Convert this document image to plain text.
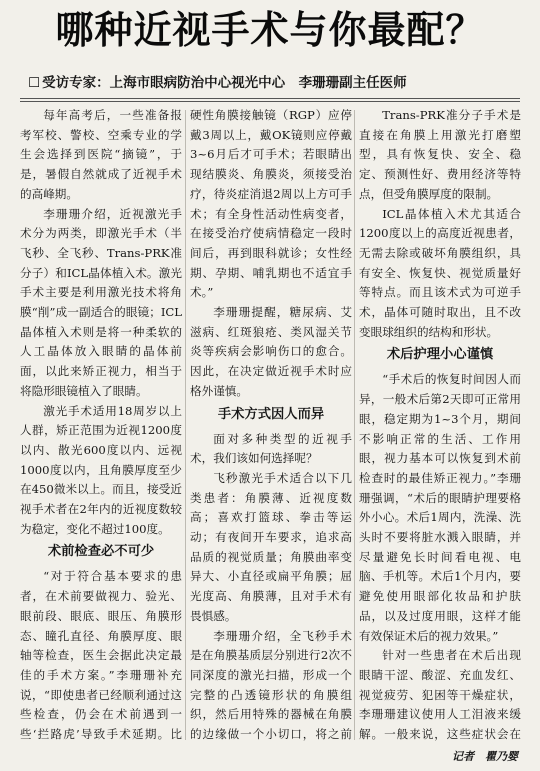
哪种近视手术与你最配？
☐ 受访专家：上海市眼病防治中心视光中心　李珊珊副主任医师

每年高考后，一些准备报考军校、警校、空乘专业的学生会选择到医院“摘镜”，于是，暑假自然就成了近视手术的高峰期。

李珊珊介绍，近视激光手术分为两类，即激光手术（半飞秒、全飞秒、Trans-PRK准分子）和ICL晶体植入术。激光手术主要是利用激光技术将角膜“削”成一副适合的眼镜；ICL晶体植入术则是将一种柔软的人工晶体放入眼睛的晶体前面，以此来矫正视力，相当于将隐形眼镜植入了眼睛。

激光手术适用18周岁以上人群，矫正范围为近视1200度以内、散光600度以内、远视1000度以内，且角膜厚度至少在450微米以上。而且，接受近视手术者在2年内的近视度数较为稳定，变化不超过100度。

术前检查必不可少

“对于符合基本要求的患者，在术前要做视力、验光、眼前段、眼底、眼压、角膜形态、瞳孔直径、角膜厚度、眼轴等检查，医生会据此决定最佳的手术方案。”李珊珊补充说，“即使患者已经顺利通过这些检查，仍会在术前遇到一些‘拦路虎’导致手术延期。比

硬性角膜接触镜（RGP）应停戴3周以上，戴OK镜则应停戴3~6月后才可手术；若眼睛出现结膜炎、角膜炎，须接受治疗，待炎症消退2周以上方可手术；有全身性活动性病变者，在接受治疗使病情稳定一段时间后，再到眼科就诊；女性经期、孕期、哺乳期也不适宜手术。”

李珊珊提醒，糖尿病、艾滋病、红斑狼疮、类风湿关节炎等疾病会影响伤口的愈合。因此，在决定做近视手术时应格外谨慎。

手术方式因人而异

面对多种类型的近视手术，我们该如何选择呢？

飞秒激光手术适合以下几类患者：角膜薄、近视度数高；喜欢打篮球、拳击等运动；有夜间开车要求，追求高品质的视觉质量；角膜曲率变异大、小直径或扁平角膜；屈光度高、角膜薄，且对手术有畏惧感。

李珊珊介绍，全飞秒手术是在角膜基质层分别进行2次不同深度的激光扫描，形成一个完整的凸透镜形状的角膜组织，然后用特殊的器械在角膜的边缘做一个小切口，将之前

Trans-PRK准分子手术是直接在角膜上用激光打磨塑型，具有恢复快、安全、稳定、预测性好、费用经济等特点，但受角膜厚度的限制。

ICL晶体植入术尤其适合1200度以上的高度近视患者，无需去除或破坏角膜组织，具有安全、恢复快、视觉质量好等特点。而且该术式为可逆手术，晶体可随时取出，且不改变眼球组织的结构和形状。

术后护理小心谨慎

“手术后的恢复时间因人而异，一般术后第2天即可正常用眼，稳定期为1~3个月，期间不影响正常的生活、工作用眼，视力基本可以恢复到术前检查时的最佳矫正视力。”李珊珊强调，“术后的眼睛护理要格外小心。术后1周内，洗澡、洗头时不要将脏水溅入眼睛，并尽量避免长时间看电视、电脑、手机等。术后1个月内，要避免使用眼部化妆品和护肤品，以及过度用眼，这样才能有效保证术后的视力效果。”

针对一些患者在术后出现眼睛干涩、酸涩、充血发红、视觉疲劳、犯困等干燥症状，李珊珊建议使用人工泪液来缓解。一般来说，这些症状会在

记者　瞿乃婴
